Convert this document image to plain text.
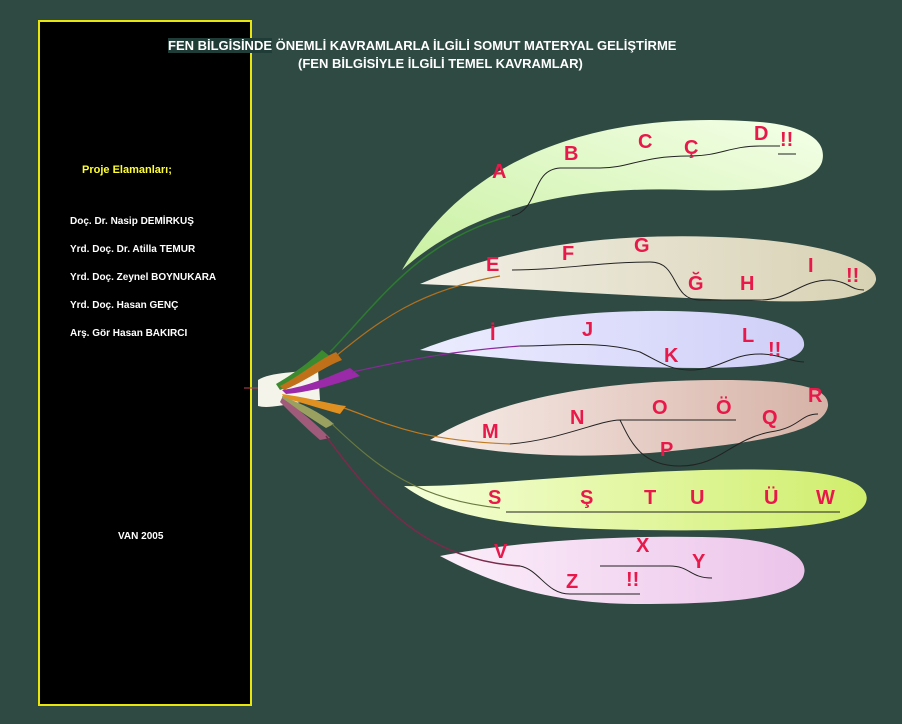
Proje Elamanları;
Doç. Dr. Nasip DEMİRKUŞ
Yrd. Doç. Dr. Atilla TEMUR
Yrd. Doç. Zeynel BOYNUKARA
Yrd. Doç. Hasan GENÇ
Arş. Gör Hasan BAKIRCI
VAN 2005
FEN BİLGİSİNDE ÖNEMLİ KAVRAMLARLA İLGİLİ SOMUT MATERYAL GELİŞTİRME
(FEN BİLGİSİYLE İLGİLİ TEMEL KAVRAMLAR)
A
B
C Ç
D !!
E	F	G
Ğ H
I !!
İ	J
K
L
!!
M
N	O Ö
P
Q
R
S	Ş	T U	Ü W
V	X
Y
Z !!
